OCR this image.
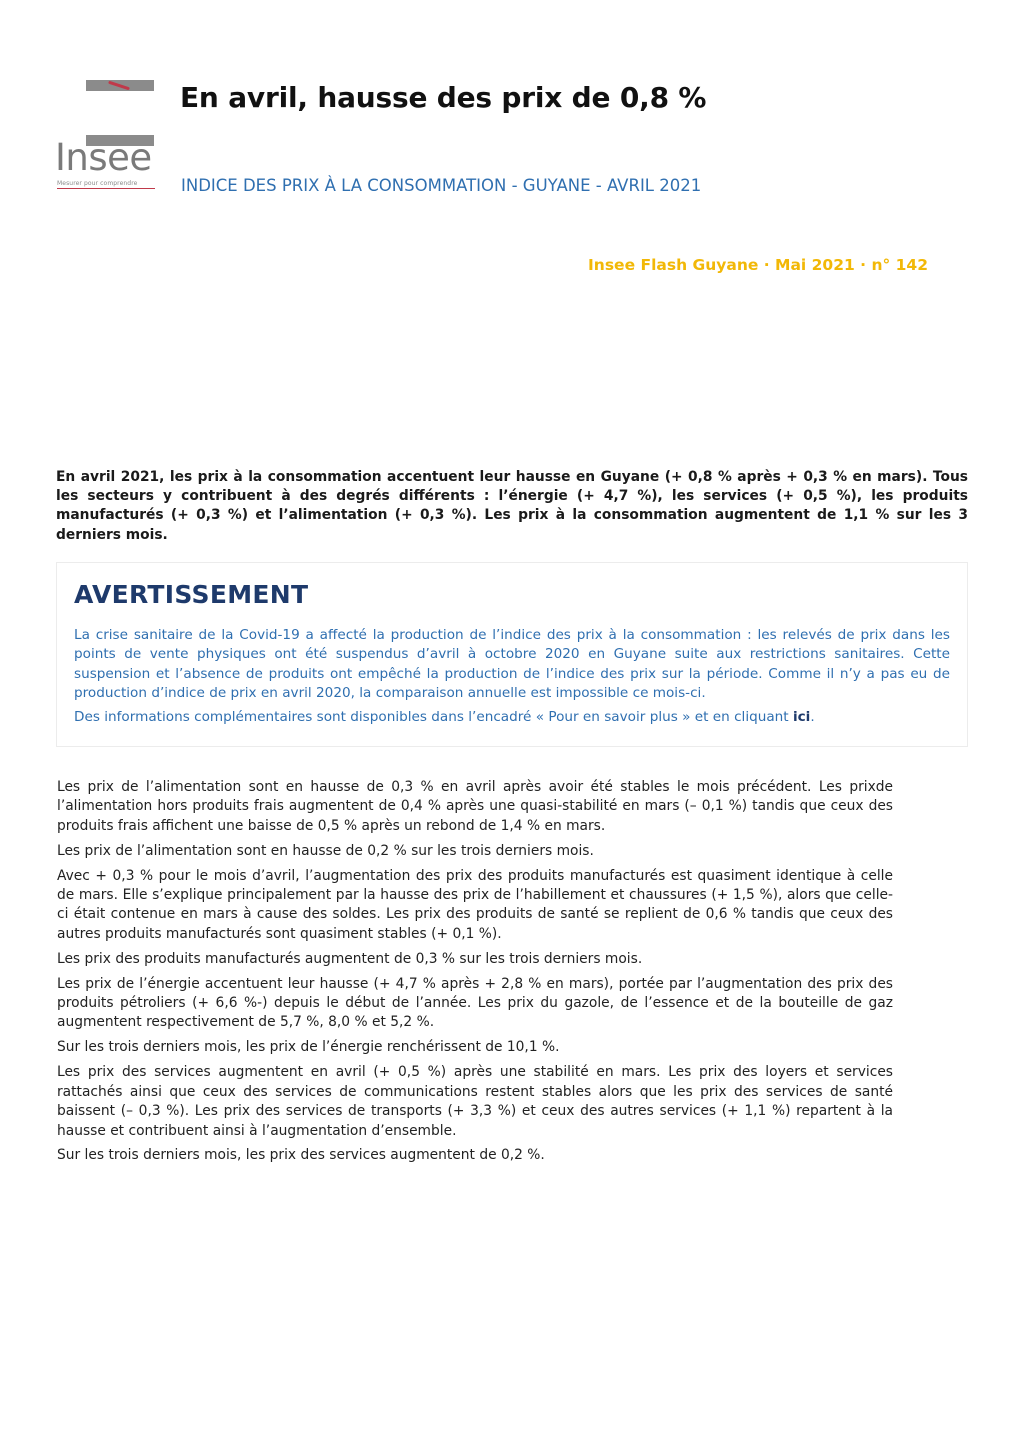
Insee
Mesurer pour comprendre
En avril, hausse des prix de 0,8 %
INDICE DES PRIX À LA CONSOMMATION - GUYANE - AVRIL 2021
Insee Flash Guyane · Mai 2021 · n° 142

En avril 2021, les prix à la consommation accentuent leur hausse en Guyane (+ 0,8 % après + 0,3 % en mars). Tous les secteurs y contribuent à des degrés différents : l’énergie (+ 4,7 %), les services (+ 0,5 %), les produits manufacturés (+ 0,3 %) et l’alimentation (+ 0,3 %). Les prix à la consommation augmentent de 1,1 % sur les 3 derniers mois.

AVERTISSEMENT

La crise sanitaire de la Covid-19 a affecté la production de l’indice des prix à la consommation : les relevés de prix dans les points de vente physiques ont été suspendus d’avril à octobre 2020 en Guyane suite aux restrictions sanitaires. Cette suspension et l’absence de produits ont empêché la production de l’indice des prix sur la période. Comme il n’y a pas eu de production d’indice de prix en avril 2020, la comparaison annuelle est impossible ce mois-ci.

Des informations complémentaires sont disponibles dans l’encadré « Pour en savoir plus » et en cliquant ici.

Les prix de l’alimentation sont en hausse de 0,3 % en avril après avoir été stables le mois précédent. Les prixde l’alimentation hors produits frais augmentent de 0,4 % après une quasi-stabilité en mars (– 0,1 %) tandis que ceux des produits frais affichent une baisse de 0,5 % après un rebond de 1,4 % en mars.

Les prix de l’alimentation sont en hausse de 0,2 % sur les trois derniers mois.

Avec + 0,3 % pour le mois d’avril, l’augmentation des prix des produits manufacturés est quasiment identique à celle de mars. Elle s’explique principalement par la hausse des prix de l’habillement et chaussures (+ 1,5 %), alors que celle-ci était contenue en mars à cause des soldes. Les prix des produits de santé se replient de 0,6 % tandis que ceux des autres produits manufacturés sont quasiment stables (+ 0,1 %).

Les prix des produits manufacturés augmentent de 0,3 % sur les trois derniers mois.

Les prix de l’énergie accentuent leur hausse (+ 4,7 % après + 2,8 % en mars), portée par l’augmentation des prix des produits pétroliers (+ 6,6 %-) depuis le début de l’année. Les prix du gazole, de l’essence et de la bouteille de gaz augmentent respectivement de 5,7 %, 8,0 % et 5,2 %.

Sur les trois derniers mois, les prix de l’énergie renchérissent de 10,1 %.

Les prix des services augmentent en avril (+ 0,5 %) après une stabilité en mars. Les prix des loyers et services rattachés ainsi que ceux des services de communications restent stables alors que les prix des services de santé baissent (– 0,3 %). Les prix des services de transports (+ 3,3 %) et ceux des autres services (+ 1,1 %) repartent à la hausse et contribuent ainsi à l’augmentation d’ensemble.

Sur les trois derniers mois, les prix des services augmentent de 0,2 %.
